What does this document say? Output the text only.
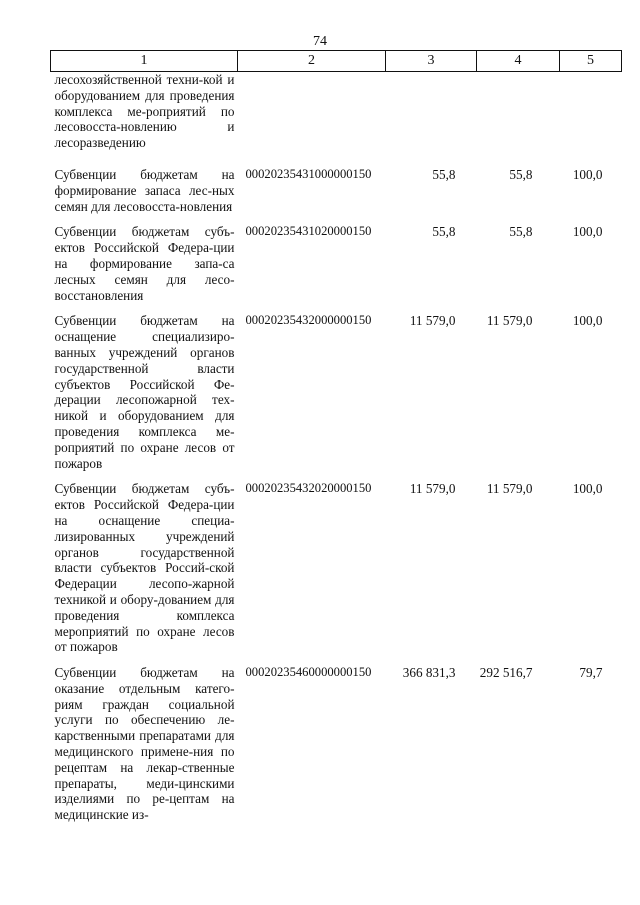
74
1	2	3	4	5
лесохозяйственной техни-кой и оборудованием для проведения комплекса ме-роприятий по лесовосста-новлению и лесоразведению				
Субвенции бюджетам на формирование запаса лес-ных семян для лесовосста-новления	00020235431000000150	55,8	55,8	100,0
Субвенции бюджетам субъ-ектов Российской Федера-ции на формирование запа-са лесных семян для лесо-восстановления	00020235431020000150	55,8	55,8	100,0
Субвенции бюджетам на оснащение специализиро-ванных учреждений органов государственной власти субъектов Российской Фе-дерации лесопожарной тех-никой и оборудованием для проведения комплекса ме-роприятий по охране лесов от пожаров	00020235432000000150	11 579,0	11 579,0	100,0
Субвенции бюджетам субъ-ектов Российской Федера-ции на оснащение специа-лизированных учреждений органов государственной власти субъектов Россий-ской Федерации лесопо-жарной техникой и обору-дованием для проведения комплекса мероприятий по охране лесов от пожаров	00020235432020000150	11 579,0	11 579,0	100,0
Субвенции бюджетам на оказание отдельным катего-риям граждан социальной услуги по обеспечению ле-карственными препаратами для медицинского примене-ния по рецептам на лекар-ственные препараты, меди-цинскими изделиями по ре-цептам на медицинские из-	00020235460000000150	366 831,3	292 516,7	79,7
